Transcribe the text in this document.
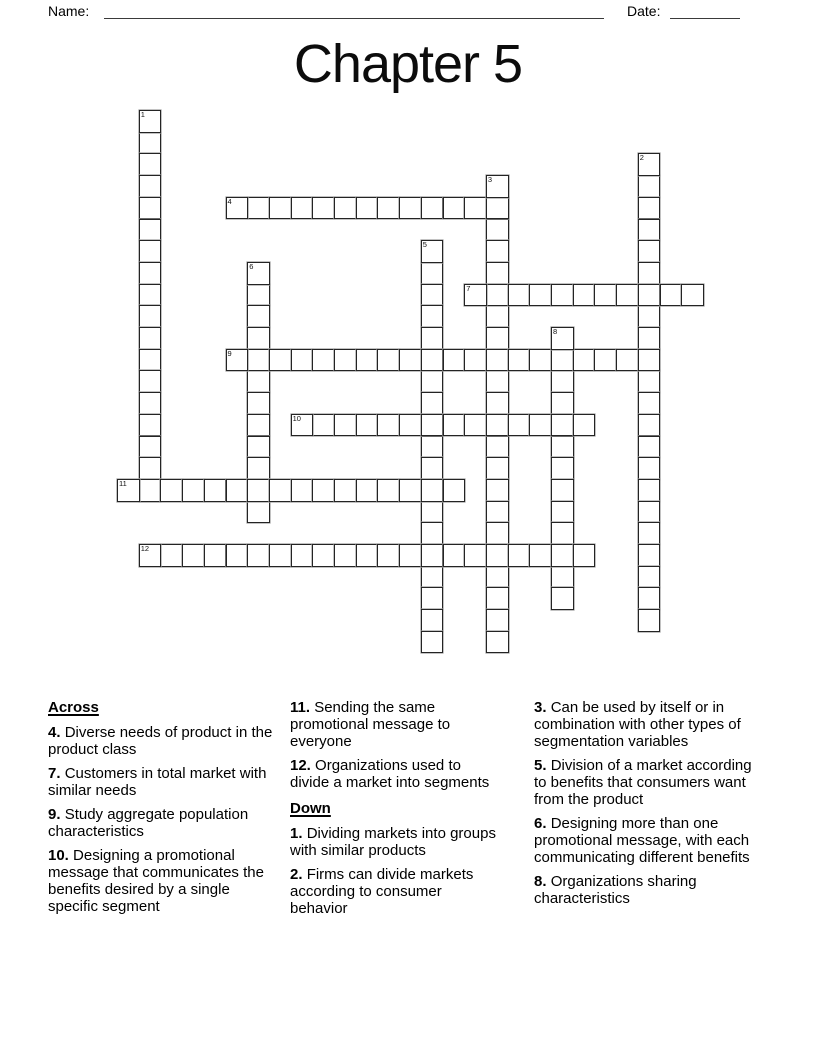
Name:	Date:
Chapter 5
1
2
3
4
5
6
7
8
9
10
11
12
Across

4. Diverse needs of product in the product class

7. Customers in total market with similar needs

9. Study aggregate population characteristics

10. Designing a promotional message that communicates the benefits desired by a single specific segment

11. Sending the same promotional message to everyone

12. Organizations used to divide a market into segments

Down

1. Dividing markets into groups with similar products

2. Firms can divide markets according to consumer behavior

3. Can be used by itself or in combination with other types of segmentation variables

5. Division of a market according to benefits that consumers want from the product

6. Designing more than one promotional message, with each communicating different benefits

8. Organizations sharing characteristics
